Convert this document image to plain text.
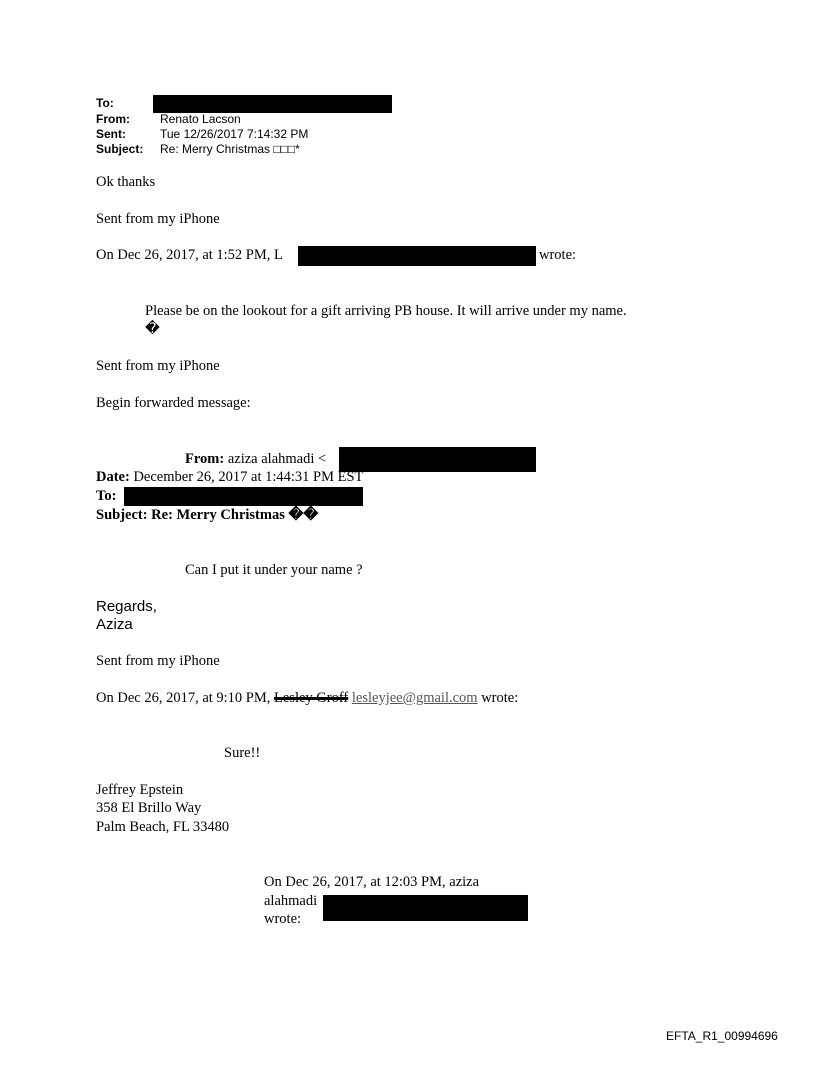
To:
From:	Renato Lacson
Sent:	Tue 12/26/2017 7:14:32 PM
Subject: Re: Merry Christmas □□□*
Ok thanks
Sent from my iPhone
On Dec 26, 2017, at 1:52 PM, L	wrote:
Please be on the lookout for a gift arriving PB house. It will arrive under my name.
�
Sent from my iPhone
Begin forwarded message:
From: aziza alahmadi <
Date: December 26, 2017 at 1:44:31 PM EST
To:
Subject: Re: Merry Christmas ��
Can I put it under your name ?
Regards,
Aziza
Sent from my iPhone
On Dec 26, 2017, at 9:10 PM, Lesley Groff lesleyjee@gmail.com wrote:
Sure!!
Jeffrey Epstein
358 El Brillo Way
Palm Beach, FL 33480
On Dec 26, 2017, at 12:03 PM, aziza
alahmadi
wrote:
EFTA_R1_00994696
